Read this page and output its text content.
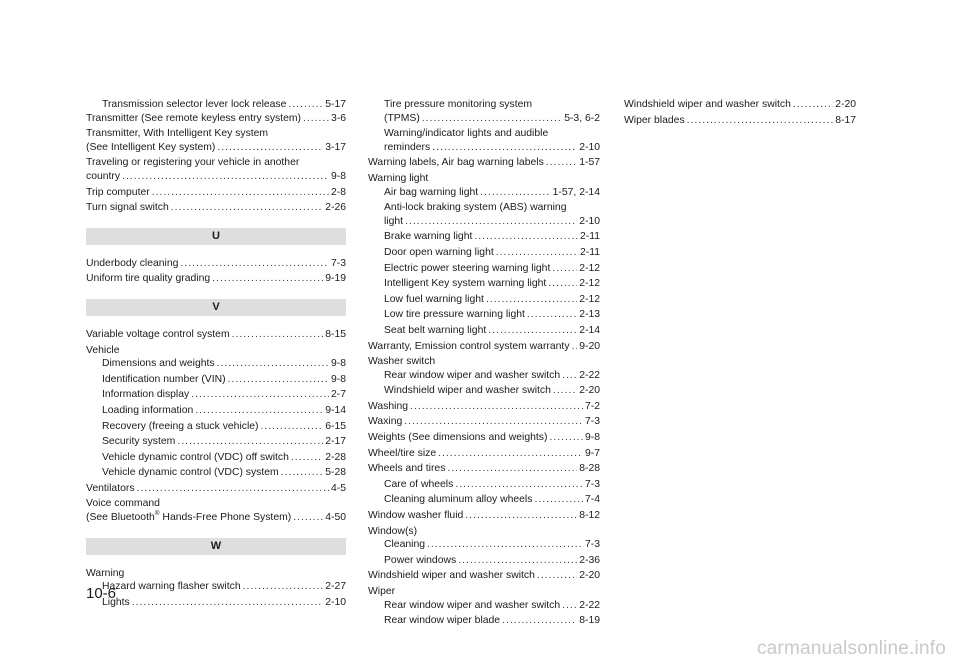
Transmission selector lever lock release .....	5-17
Transmitter (See remote keyless entry system) .....	3-6
Transmitter, With Intelligent Key system
(See Intelligent Key system) .....	3-17
Traveling or registering your vehicle in another
country .....	9-8
Trip computer .....	2-8
Turn signal switch .....	2-26
U
Underbody cleaning .....	7-3
Uniform tire quality grading .....	9-19
V
Variable voltage control system .....	8-15
Vehicle
Dimensions and weights .....	9-8
Identification number (VIN) .....	9-8
Information display .....	2-7
Loading information .....	9-14
Recovery (freeing a stuck vehicle) .....	6-15
Security system .....	2-17
Vehicle dynamic control (VDC) off switch .....	2-28
Vehicle dynamic control (VDC) system .....	5-28
Ventilators .....	4-5
Voice command
(See Bluetooth® Hands-Free Phone System) .....	4-50
W
Warning
Hazard warning flasher switch .....	2-27
Lights .....	2-10
Tire pressure monitoring system
(TPMS) .....	5-3, 6-2
Warning/indicator lights and audible
reminders .....	2-10
Warning labels, Air bag warning labels .....	1-57
Warning light
Air bag warning light .....	1-57, 2-14
Anti-lock braking system (ABS) warning
light .....	2-10
Brake warning light .....	2-11
Door open warning light .....	2-11
Electric power steering warning light .....	2-12
Intelligent Key system warning light .....	2-12
Low fuel warning light .....	2-12
Low tire pressure warning light .....	2-13
Seat belt warning light .....	2-14
Warranty, Emission control system warranty ..... 9-20
Washer switch
Rear window wiper and washer switch ..... 2-22
Windshield wiper and washer switch .....	2-20
Washing .....	7-2
Waxing .....	7-3
Weights (See dimensions and weights) .....	9-8
Wheel/tire size .....	9-7
Wheels and tires .....	8-28
Care of wheels .....	7-3
Cleaning aluminum alloy wheels .....	7-4
Window washer fluid .....	8-12
Window(s)
Cleaning .....	7-3
Power windows .....	2-36
Windshield wiper and washer switch .....	2-20
Wiper
Rear window wiper and washer switch ..... 2-22
Rear window wiper blade .....	8-19
Windshield wiper and washer switch .....	2-20
Wiper blades .....	8-17
10-6
carmanualsonline.info
